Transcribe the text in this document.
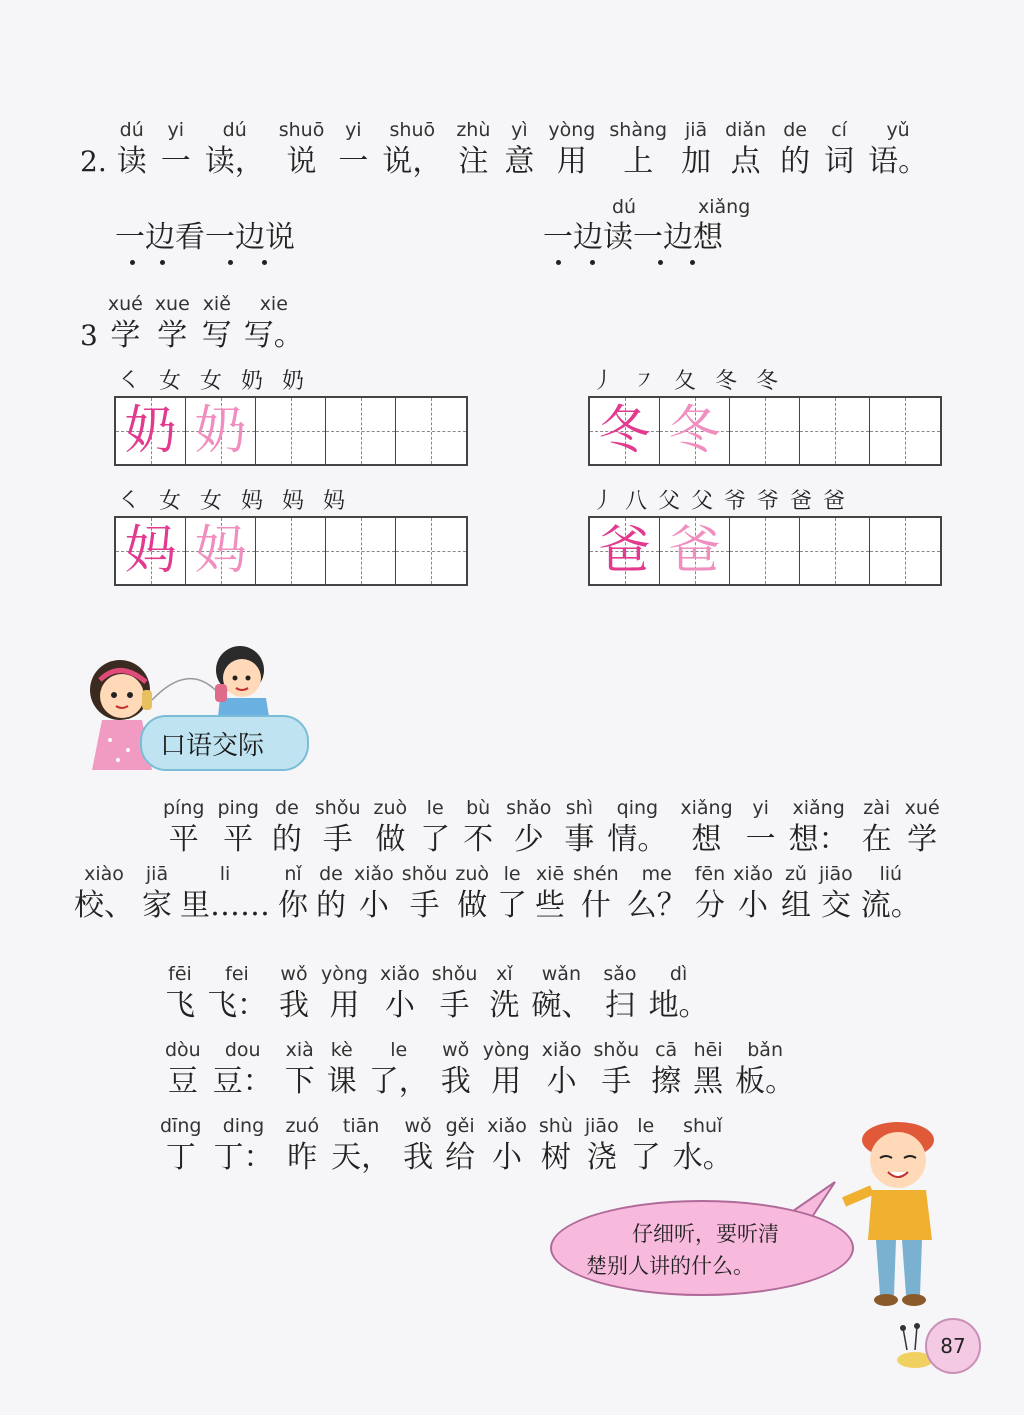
2.
dú
读
yi
一
dú
读，
shuō
说
yi
一
shuō
说，
zhù
注
yì
意
yòng
用
shàng
上
jiā
加
diǎn
点
de
的
cí
词
yǔ
语。
一边看一边说
dú	xiǎng
一边读一边想
3
xué
学
xue
学
xiě
写
xie
写。
㇛ 女 女 奶 奶
奶 奶
丿 ㇇ 夂 冬 冬
冬 冬
㇛ 女 女 妈 妈 妈
妈 妈
丿 八 父 父 爷 爷 爸 爸
爸 爸
口语交际
píng
平
ping
平
de
的
shǒu
手
zuò
做
le
了
bù
不
shǎo
少
shì
事
qing
情。
xiǎng
想
yi
一
xiǎng
想：
zài
在
xué
学
xiào
校、
jiā
家
li
里……
nǐ
你
de
的
xiǎo
小
shǒu
手
zuò
做
le
了
xiē
些
shén
什
me
么？
fēn
分
xiǎo
小
zǔ
组
jiāo
交
liú
流。
fēi
飞
fei
飞：
wǒ
我
yòng
用
xiǎo
小
shǒu
手
xǐ
洗
wǎn
碗、
sǎo
扫
dì
地。
dòu
豆
dou
豆：
xià
下
kè
课
le
了，
wǒ
我
yòng
用
xiǎo
小
shǒu
手
cā
擦
hēi
黑
bǎn
板。
dīng
丁
ding
丁：
zuó
昨
tiān
天，
wǒ
我
gěi
给
xiǎo
小
shù
树
jiāo
浇
le
了
shuǐ
水。
仔细听，要听清
楚别人讲的什么。
87
